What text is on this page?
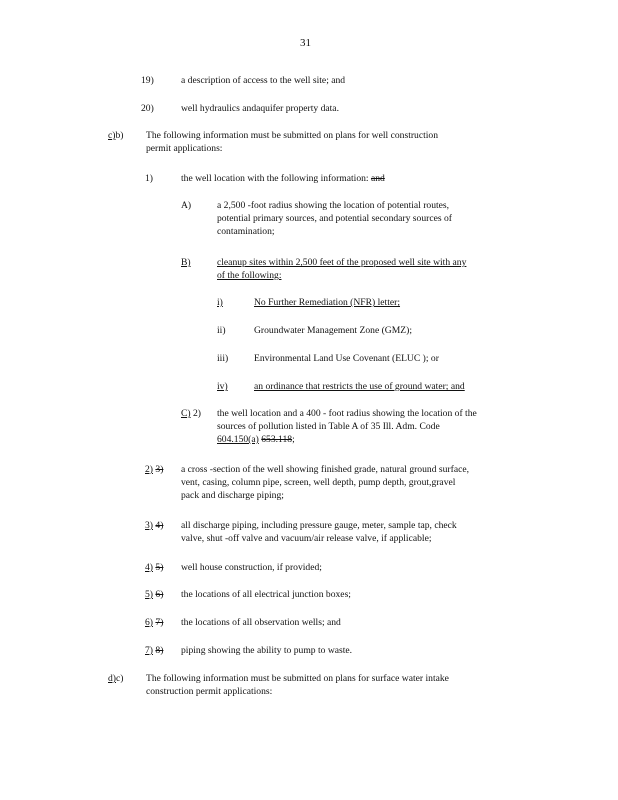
31
19)	a description of access to the well site; and
20)	well hydraulics andaquifer property data.
c)b) The following information must be submitted on plans for well construction
permit applications:
1)	the well location with the following information: and
A)	a 2,500 -foot radius showing the location of potential routes,
potential primary sources, and potential secondary sources of
contamination;
B)	cleanup sites within 2,500 feet of the proposed well site with any
of the following:
i)	No Further Remediation (NFR) letter;
ii)	Groundwater Management Zone (GMZ);
iii)	Environmental Land Use Covenant (ELUC ); or
iv)	an ordinance that restricts the use of ground water; and
C) 2) the well location and a 400 - foot radius showing the location of the
sources of pollution listed in Table A of 35 Ill. Adm. Code
604.150(a) 653.118;
2) 3) a cross -section of the well showing finished grade, natural ground surface,
vent, casing, column pipe, screen, well depth, pump depth, grout,gravel
pack and discharge piping;
3) 4) all discharge piping, including pressure gauge, meter, sample tap, check
valve, shut -off valve and vacuum/air release valve, if applicable;
4) 5) well house construction, if provided;
5) 6) the locations of all electrical junction boxes;
6) 7) the locations of all observation wells; and
7) 8) piping showing the ability to pump to waste.
d)c) The following information must be submitted on plans for surface water intake
construction permit applications:
